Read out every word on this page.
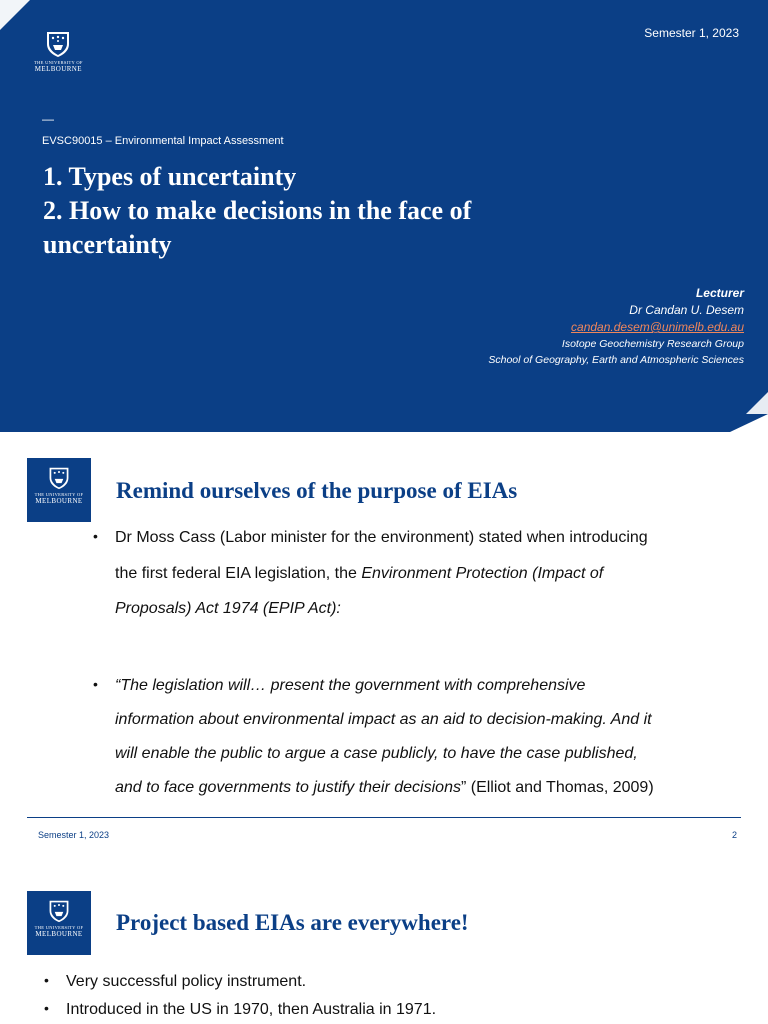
THE UNIVERSITY OF
MELBOURNE
Semester 1, 2023
—
EVSC90015 – Environmental Impact Assessment
1. Types of uncertainty
2. How to make decisions in the face of
uncertainty
Lecturer
Dr Candan U. Desem
candan.desem@unimelb.edu.au
Isotope Geochemistry Research Group
School of Geography, Earth and Atmospheric Sciences
THE UNIVERSITY OF
MELBOURNE Remind ourselves of the purpose of EIAs
• Dr Moss Cass (Labor minister for the environment) stated when introducing
the first federal EIA legislation, the Environment Protection (Impact of
Proposals) Act 1974 (EPIP Act):
• “The legislation will… present the government with comprehensive
information about environmental impact as an aid to decision-making. And it
will enable the public to argue a case publicly, to have the case published,
and to face governments to justify their decisions” (Elliot and Thomas, 2009)
Semester 1, 2023	2
THE UNIVERSITY OF
MELBOURNE Project based EIAs are everywhere!
• Very successful policy instrument.
• Introduced in the US in 1970, then Australia in 1971.
